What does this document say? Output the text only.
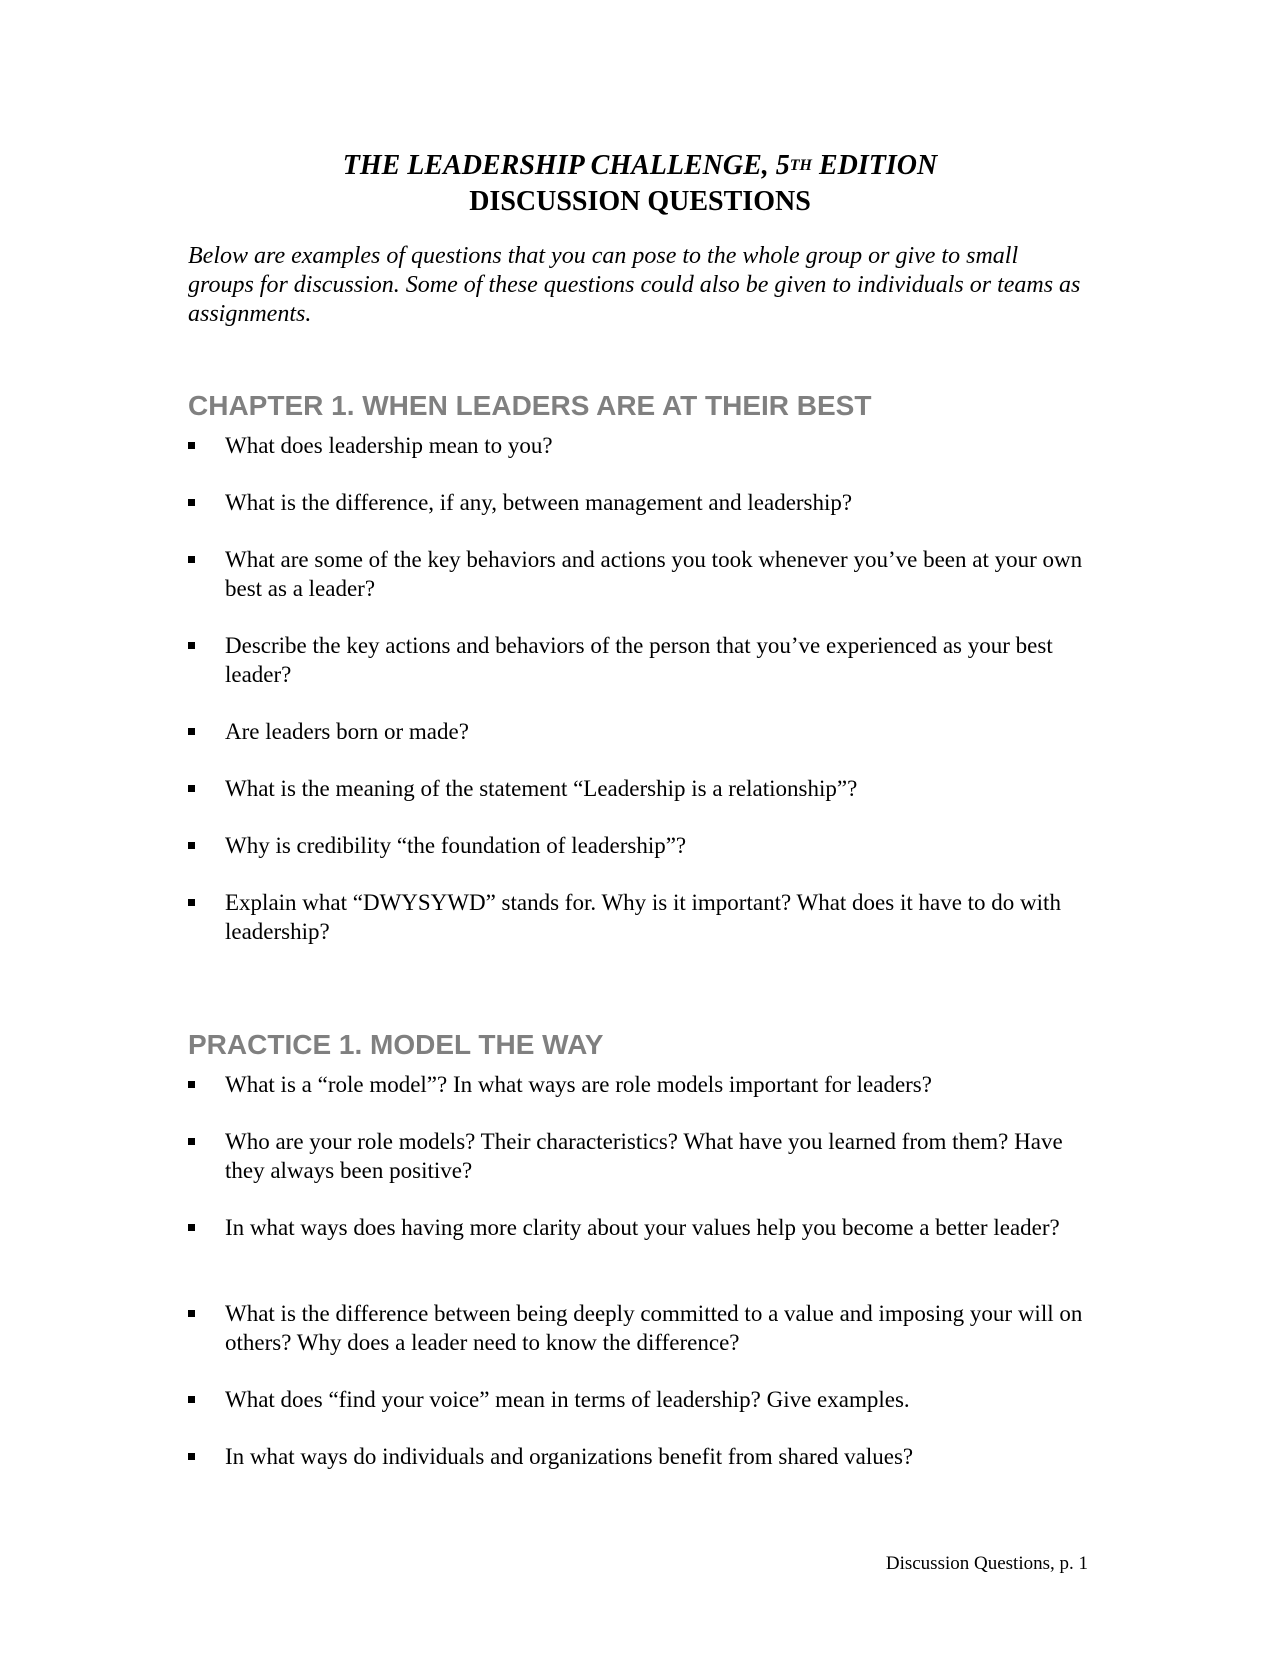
THE LEADERSHIP CHALLENGE, 5TH EDITION
DISCUSSION QUESTIONS
Below are examples of questions that you can pose to the whole group or give to small groups for discussion. Some of these questions could also be given to individuals or teams as assignments.
CHAPTER 1. WHEN LEADERS ARE AT THEIR BEST
What does leadership mean to you?
What is the difference, if any, between management and leadership?
What are some of the key behaviors and actions you took whenever you’ve been at your own best as a leader?
Describe the key actions and behaviors of the person that you’ve experienced as your best leader?
Are leaders born or made?
What is the meaning of the statement “Leadership is a relationship”?
Why is credibility “the foundation of leadership”?
Explain what “DWYSYWD” stands for. Why is it important? What does it have to do with leadership?
PRACTICE 1. MODEL THE WAY
What is a “role model”? In what ways are role models important for leaders?
Who are your role models? Their characteristics? What have you learned from them? Have they always been positive?
In what ways does having more clarity about your values help you become a better leader?
What is the difference between being deeply committed to a value and imposing your will on others? Why does a leader need to know the difference?
What does “find your voice” mean in terms of leadership? Give examples.
In what ways do individuals and organizations benefit from shared values?
Discussion Questions, p. 1
